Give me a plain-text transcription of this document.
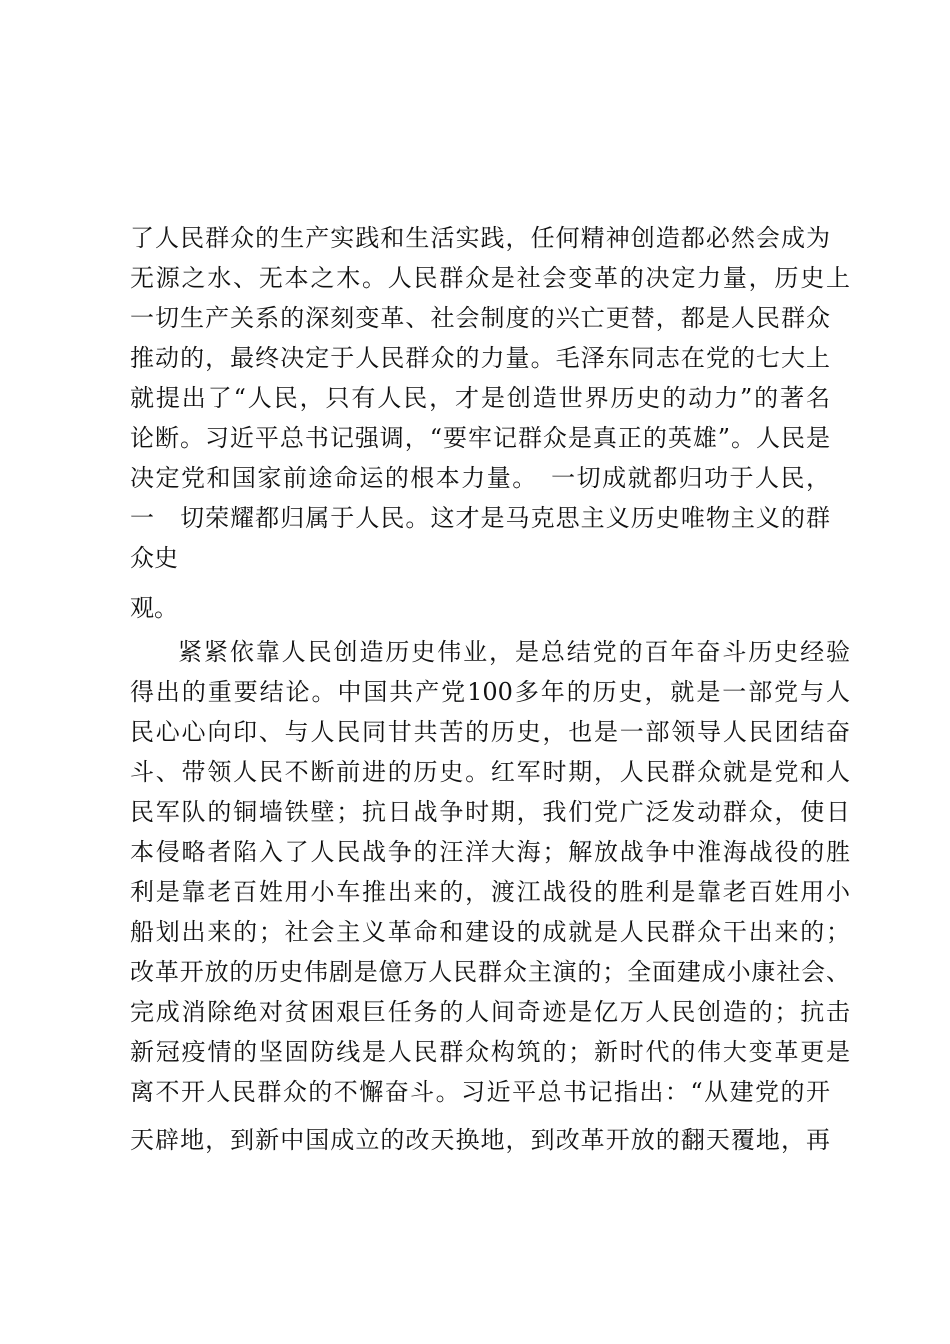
了人民群众的生产实践和生活实践，任何精神创造都必然会成为
无源之水、无本之木。人民群众是社会变革的决定力量，历史上
一切生产关系的深刻变革、社会制度的兴亡更替，都是人民群众
推动的，最终决定于人民群众的力量。毛泽东同志在党的七大上
就提出了“人民，只有人民，才是创造世界历史的动力”的著名
论断。习近平总书记强调，“要牢记群众是真正的英雄”。人民是
决定党和国家前途命运的根本力量。　一切成就都归功于人民，
一　切荣耀都归属于人民。这才是马克思主义历史唯物主义的群
众史
观。
紧紧依靠人民创造历史伟业，是总结党的百年奋斗历史经验
得出的重要结论。中国共产党100多年的历史，就是一部党与人
民心心向印、与人民同甘共苦的历史，也是一部领导人民团结奋
斗、带领人民不断前进的历史。红军时期，人民群众就是党和人
民军队的铜墙铁壁；抗日战争时期，我们党广泛发动群众，使日
本侵略者陷入了人民战争的汪洋大海；解放战争中淮海战役的胜
利是靠老百姓用小车推出来的，渡江战役的胜利是靠老百姓用小
船划出来的；社会主义革命和建设的成就是人民群众干出来的；
改革开放的历史伟剧是億万人民群众主演的；全面建成小康社会、
完成消除绝对贫困艰巨任务的人间奇迹是亿万人民创造的；抗击
新冠疫情的坚固防线是人民群众构筑的；新时代的伟大变革更是
离不开人民群众的不懈奋斗。习近平总书记指出：“从建党的开
天辟地，到新中国成立的改天换地，到改革开放的翻天覆地，再
